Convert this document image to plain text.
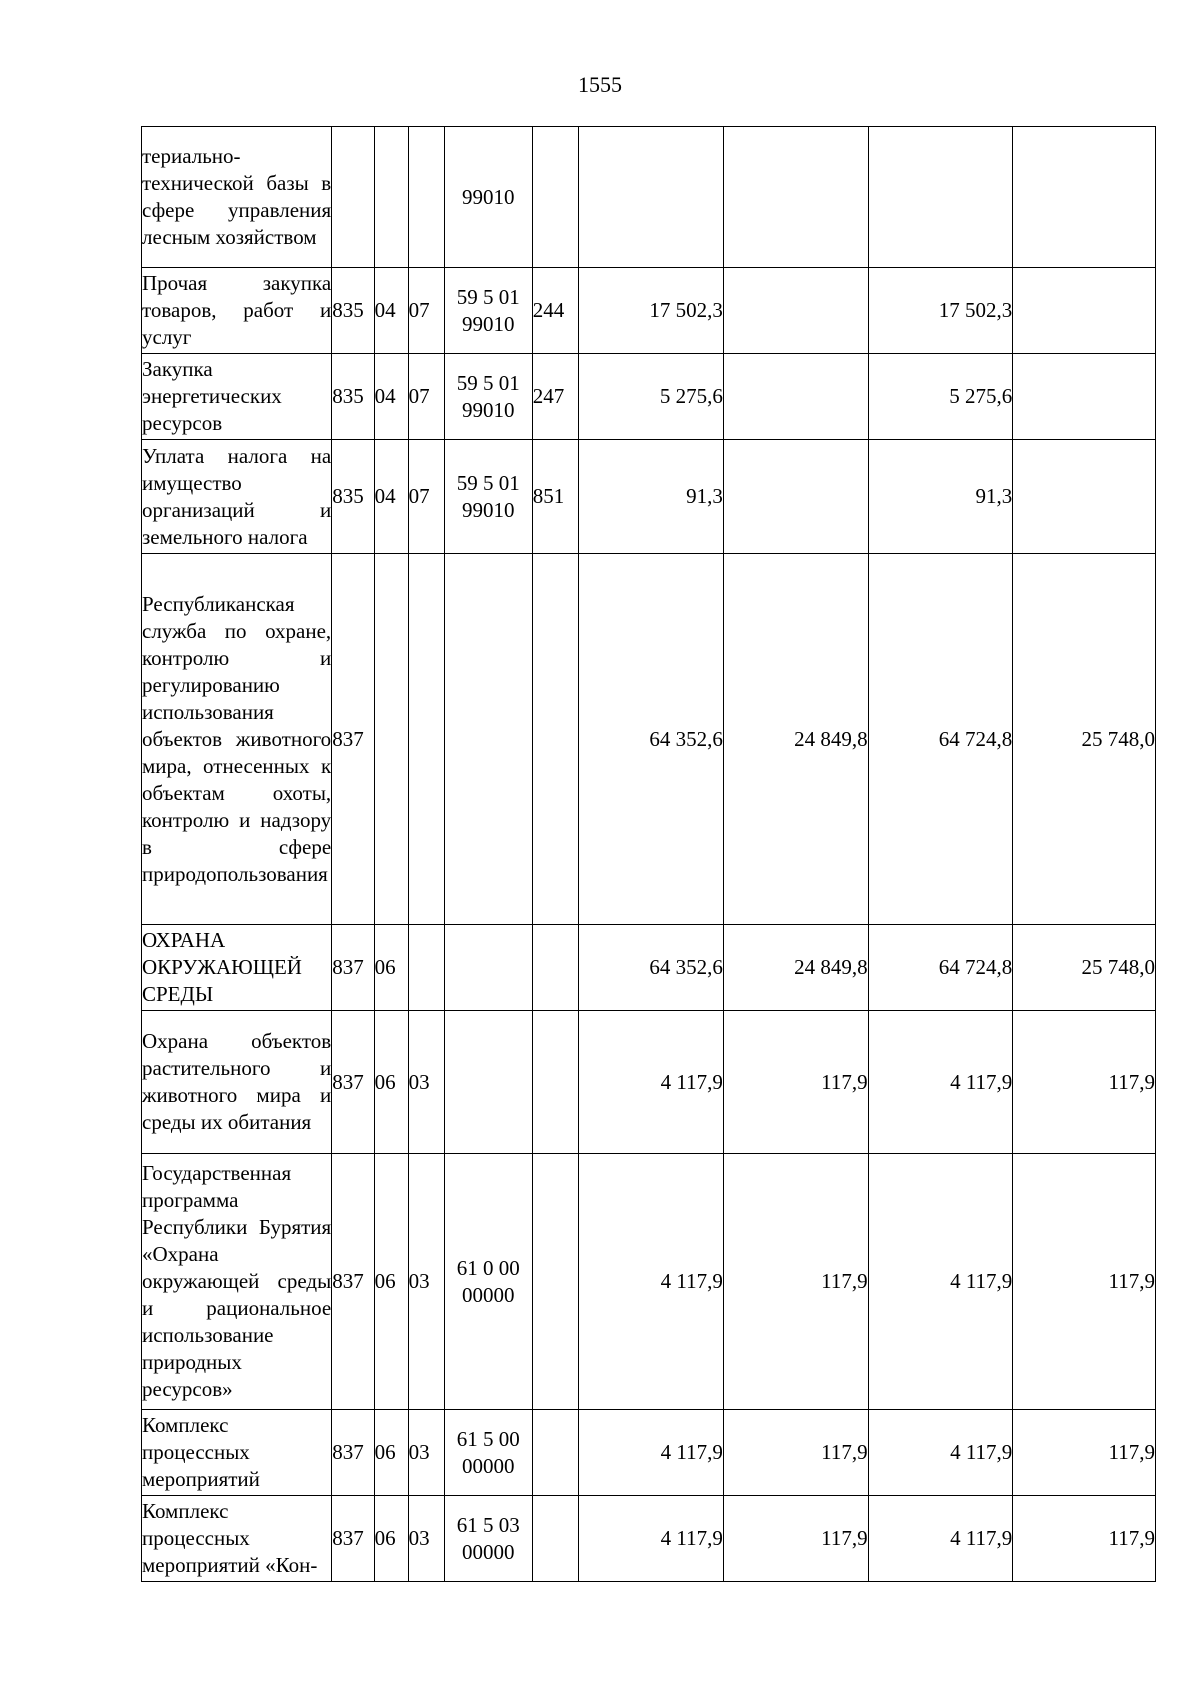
1555
териально-технической базы в сфере управления лесным хозяйством				99010					
Прочая закупка товаров, работ и услуг	835	04	07	59 5 01 99010	244	17 502,3		17 502,3	
Закупка энергетических ресурсов	835	04	07	59 5 01 99010	247	5 275,6		5 275,6	
Уплата налога на имущество организаций и земельного налога	835	04	07	59 5 01 99010	851	91,3		91,3	
Республиканская служба по охране, контролю и регулированию использования объектов животного мира, отнесенных к объектам охоты, контролю и надзору в сфере природопользования	837					64 352,6	24 849,8	64 724,8	25 748,0
ОХРАНА ОКРУЖАЮЩЕЙ СРЕДЫ	837	06				64 352,6	24 849,8	64 724,8	25 748,0
Охрана объектов растительного и животного мира и среды их обитания	837	06	03			4 117,9	117,9	4 117,9	117,9
Государственная программа Республики Бурятия «Охрана окружающей среды и рациональное использование природных ресурсов»	837	06	03	61 0 00 00000		4 117,9	117,9	4 117,9	117,9
Комплекс процессных мероприятий	837	06	03	61 5 00 00000		4 117,9	117,9	4 117,9	117,9
Комплекс процессных мероприятий «Кон-	837	06	03	61 5 03 00000		4 117,9	117,9	4 117,9	117,9
